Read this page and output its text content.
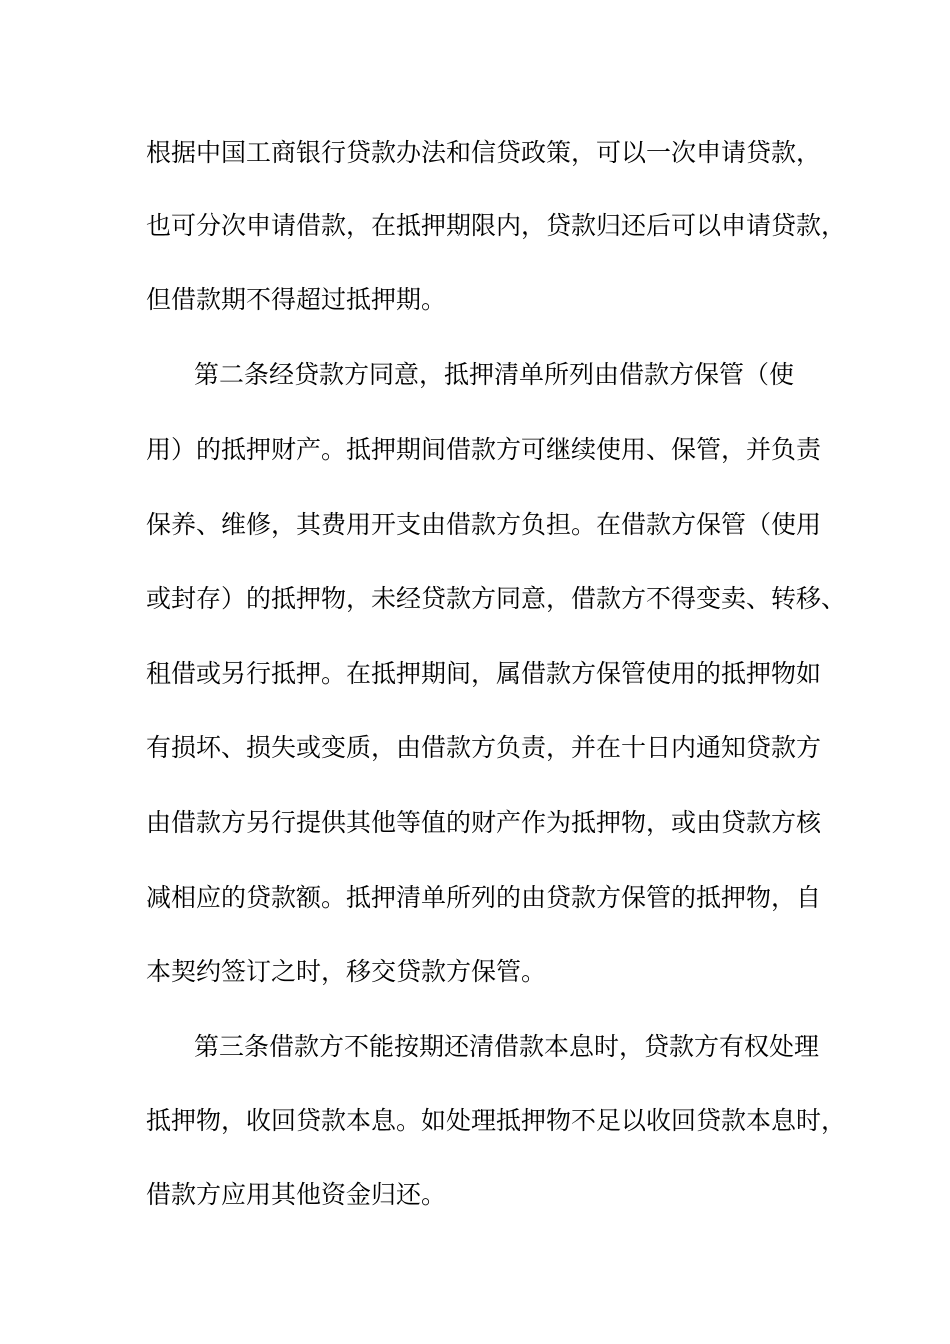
根据中国工商银行贷款办法和信贷政策，可以一次申请贷款，
也可分次申请借款，在抵押期限内，贷款归还后可以申请贷款，
但借款期不得超过抵押期。
第二条经贷款方同意，抵押清单所列由借款方保管（使
用）的抵押财产。抵押期间借款方可继续使用、保管，并负责
保养、维修，其费用开支由借款方负担。在借款方保管（使用
或封存）的抵押物，未经贷款方同意，借款方不得变卖、转移、
租借或另行抵押。在抵押期间，属借款方保管使用的抵押物如
有损坏、损失或变质，由借款方负责，并在十日内通知贷款方
由借款方另行提供其他等值的财产作为抵押物，或由贷款方核
减相应的贷款额。抵押清单所列的由贷款方保管的抵押物，自
本契约签订之时，移交贷款方保管。
第三条借款方不能按期还清借款本息时，贷款方有权处理
抵押物，收回贷款本息。如处理抵押物不足以收回贷款本息时，
借款方应用其他资金归还。
